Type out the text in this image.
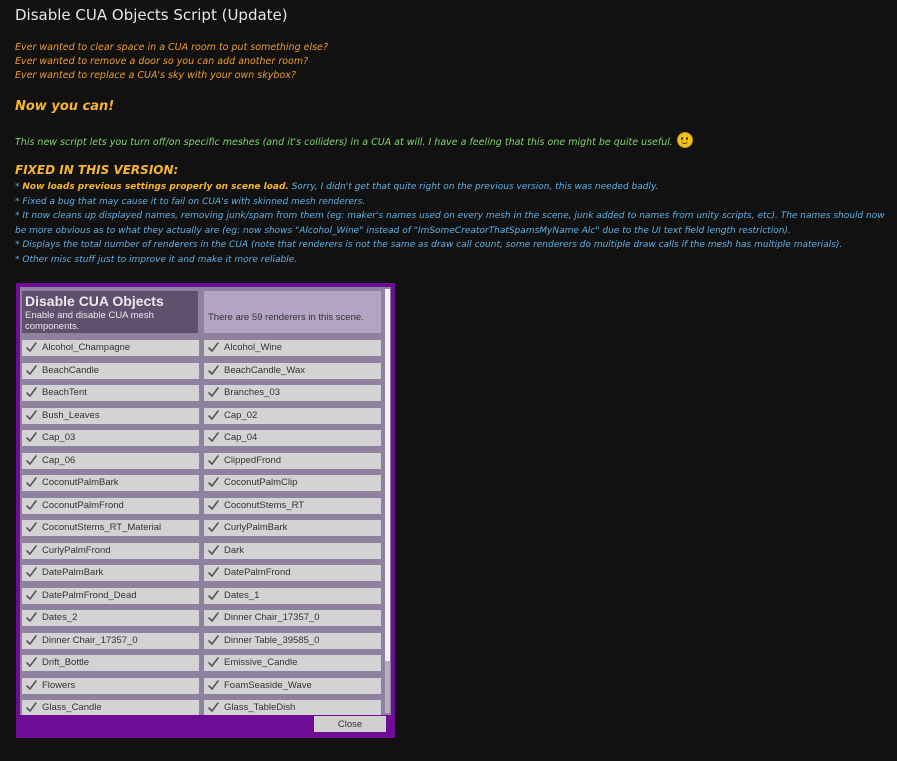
Disable CUA Objects Script (Update)
Ever wanted to clear space in a CUA room to put something else?
Ever wanted to remove a door so you can add another room?
Ever wanted to replace a CUA's sky with your own skybox?
Now you can!
This new script lets you turn off/on specific meshes (and it's colliders) in a CUA at will. I have a feeling that this one might be quite useful.
FIXED IN THIS VERSION:
* Now loads previous settings properly on scene load. Sorry, I didn't get that quite right on the previous version, this was needed badly.
* Fixed a bug that may cause it to fail on CUA's with skinned mesh renderers.
* It now cleans up displayed names, removing junk/spam from them (eg: maker's names used on every mesh in the scene, junk added to names from unity scripts, etc). The names should now be more obvious as to what they actually are (eg: now shows "Alcohol_Wine" instead of "ImSomeCreatorThatSpamsMyName Alc" due to the UI text field length restriction).
* Displays the total number of renderers in the CUA (note that renderers is not the same as draw call count, some renderers do multiple draw calls if the mesh has multiple materials).
* Other misc stuff just to improve it and make it more reliable.
Disable CUA Objects
Enable and disable CUA mesh components.
There are 59 renderers in this scene.
Alcohol_Champagne
BeachCandle
BeachTent
Bush_Leaves
Cap_03
Cap_06
CoconutPalmBark
CoconutPalmFrond
CoconutStems_RT_Material
CurlyPalmFrond
DatePalmBark
DatePalmFrond_Dead
Dates_2
Dinner Chair_17357_0
Drift_Bottle
Flowers
Glass_Candle
Alcohol_Wine
BeachCandle_Wax
Branches_03
Cap_02
Cap_04
ClippedFrond
CoconutPalmClip
CoconutStems_RT
CurlyPalmBark
Dark
DatePalmFrond
Dates_1
Dinner Chair_17357_0
Dinner Table_39585_0
Emissive_Candle
FoamSeaside_Wave
Glass_TableDish
Close
